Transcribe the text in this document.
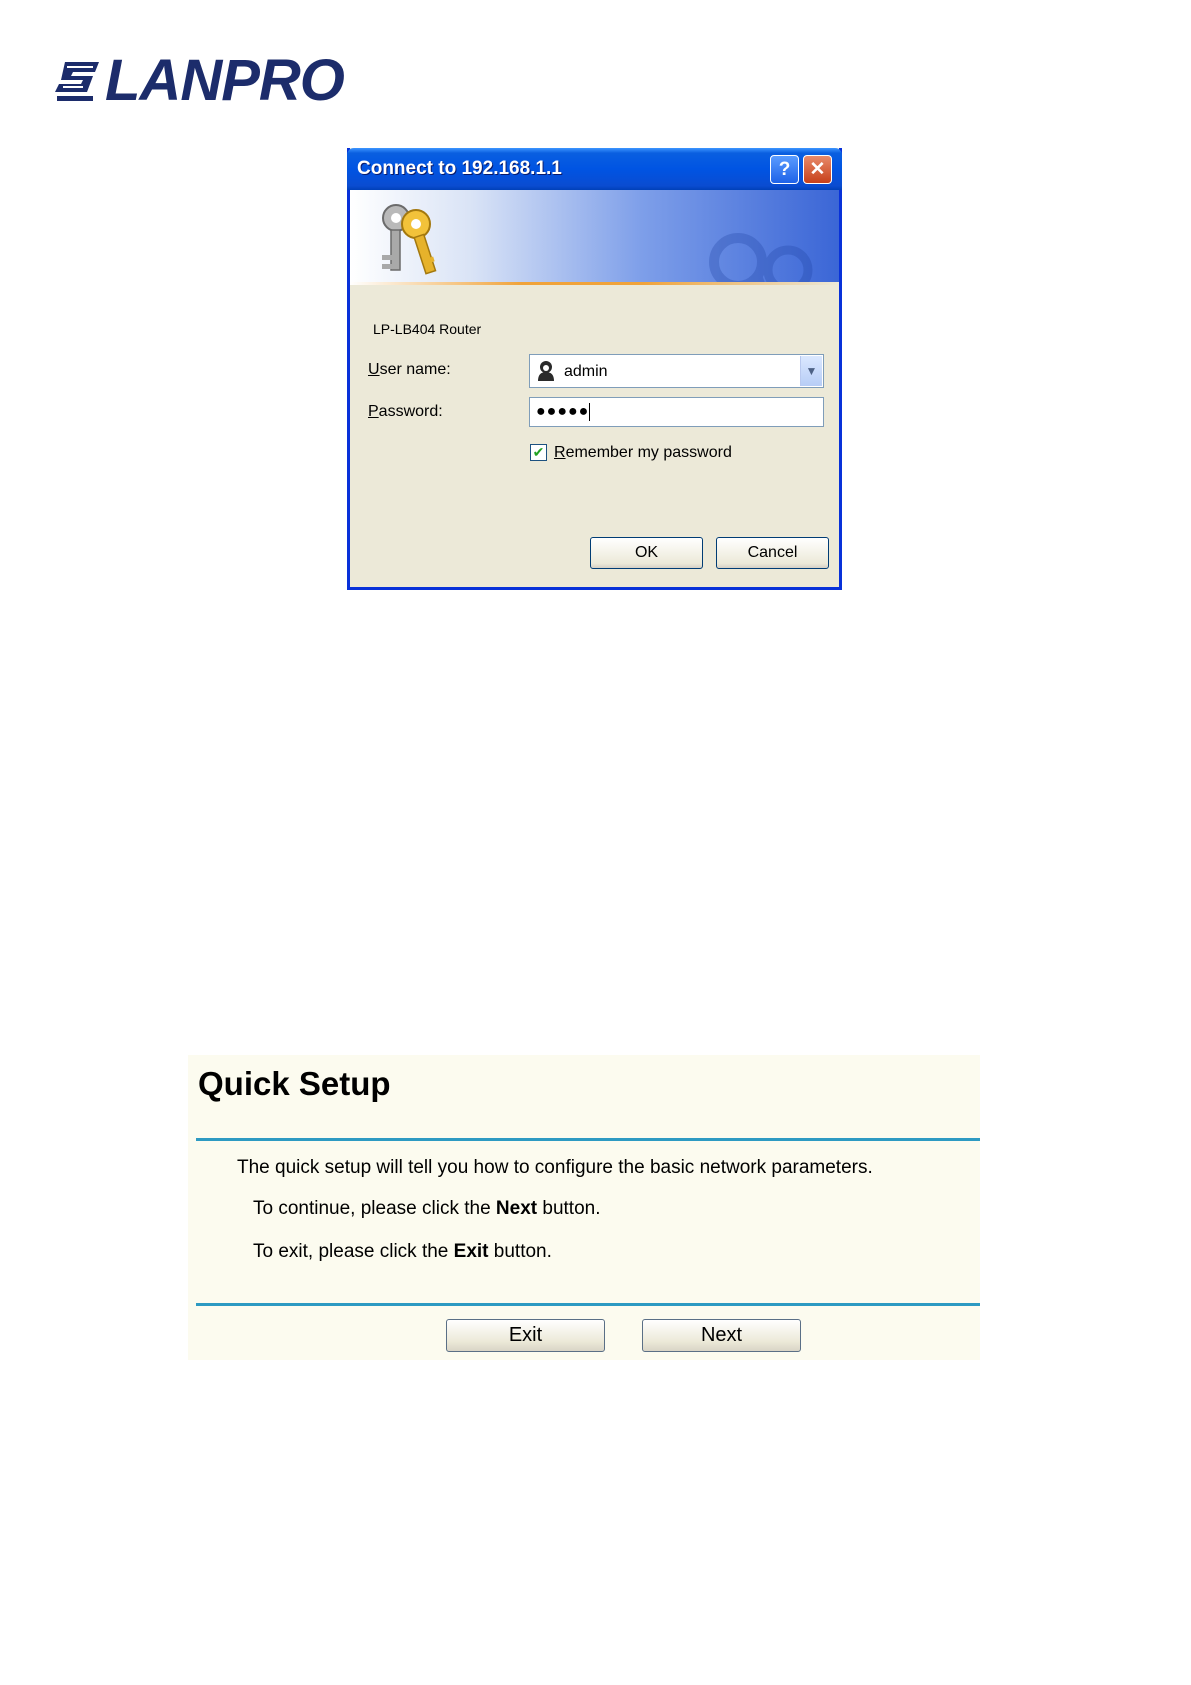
LANPRO
Connect to 192.168.1.1	?	✕
LP-LB404 Router
User name:	admin	▼
Password:	●●●●●
✔ Remember my password
OK	Cancel
Quick Setup
The quick setup will tell you how to configure the basic network parameters.
To continue, please click the Next button.
To exit, please click the Exit button.
Exit	Next
